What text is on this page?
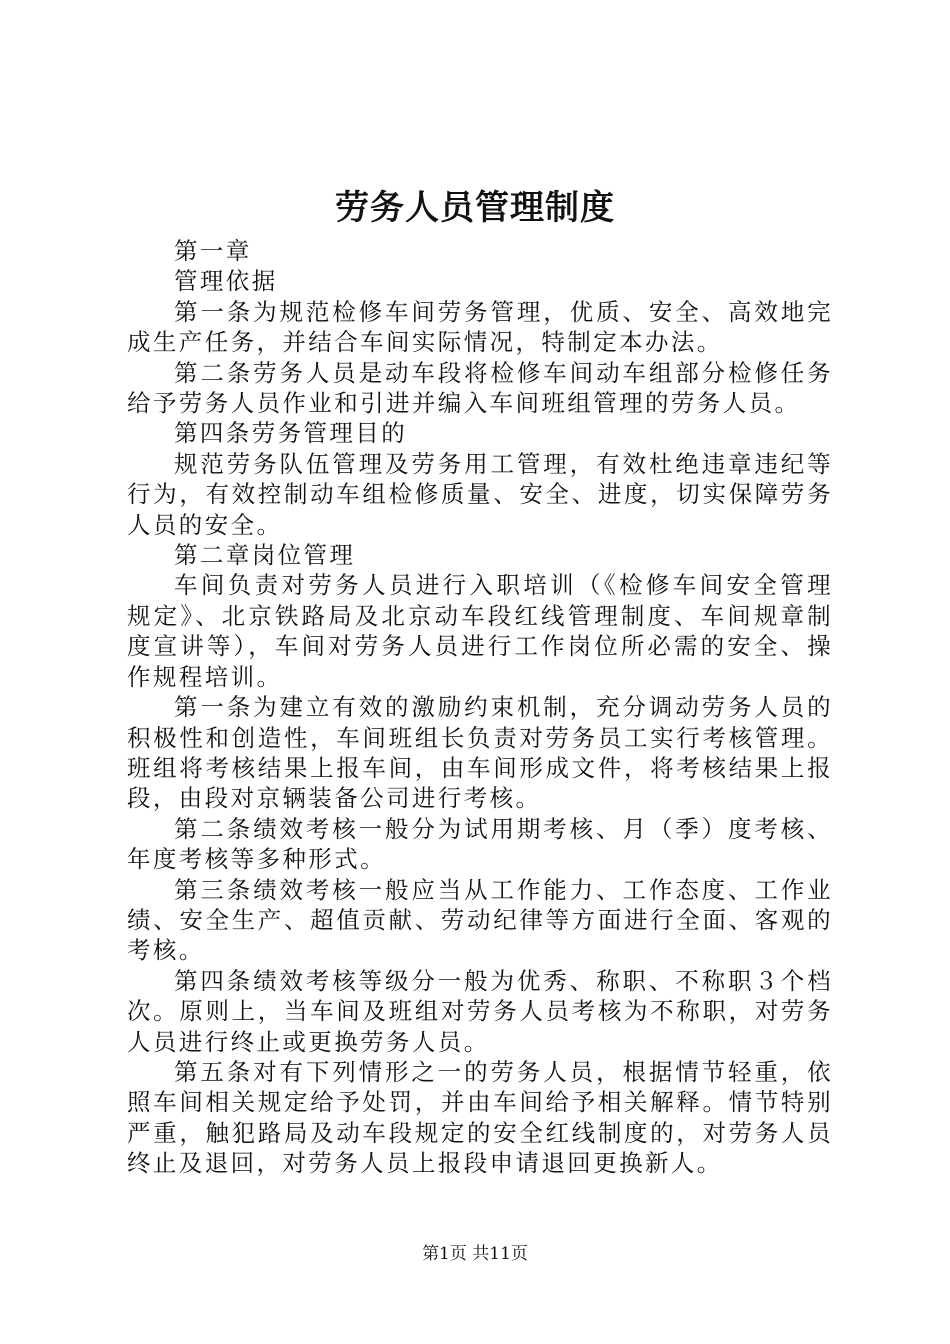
劳务人员管理制度

第一章

管理依据

第一条为规范检修车间劳务管理，优质、安全、高效地完成生产任务，并结合车间实际情况，特制定本办法。

第二条劳务人员是动车段将检修车间动车组部分检修任务给予劳务人员作业和引进并编入车间班组管理的劳务人员。

第四条劳务管理目的

规范劳务队伍管理及劳务用工管理，有效杜绝违章违纪等行为，有效控制动车组检修质量、安全、进度，切实保障劳务人员的安全。

第二章岗位管理

车间负责对劳务人员进行入职培训（《检修车间安全管理规定》、北京铁路局及北京动车段红线管理制度、车间规章制度宣讲等），车间对劳务人员进行工作岗位所必需的安全、操作规程培训。

第一条为建立有效的激励约束机制，充分调动劳务人员的积极性和创造性，车间班组长负责对劳务员工实行考核管理。班组将考核结果上报车间，由车间形成文件，将考核结果上报段，由段对京辆装备公司进行考核。

第二条绩效考核一般分为试用期考核、月（季）度考核、年度考核等多种形式。

第三条绩效考核一般应当从工作能力、工作态度、工作业绩、安全生产、超值贡献、劳动纪律等方面进行全面、客观的考核。

第四条绩效考核等级分一般为优秀、称职、不称职３个档次。原则上，当车间及班组对劳务人员考核为不称职，对劳务人员进行终止或更换劳务人员。

第五条对有下列情形之一的劳务人员，根据情节轻重，依照车间相关规定给予处罚，并由车间给予相关解释。情节特别严重，触犯路局及动车段规定的安全红线制度的，对劳务人员终止及退回，对劳务人员上报段申请退回更换新人。

第1页 共11页
